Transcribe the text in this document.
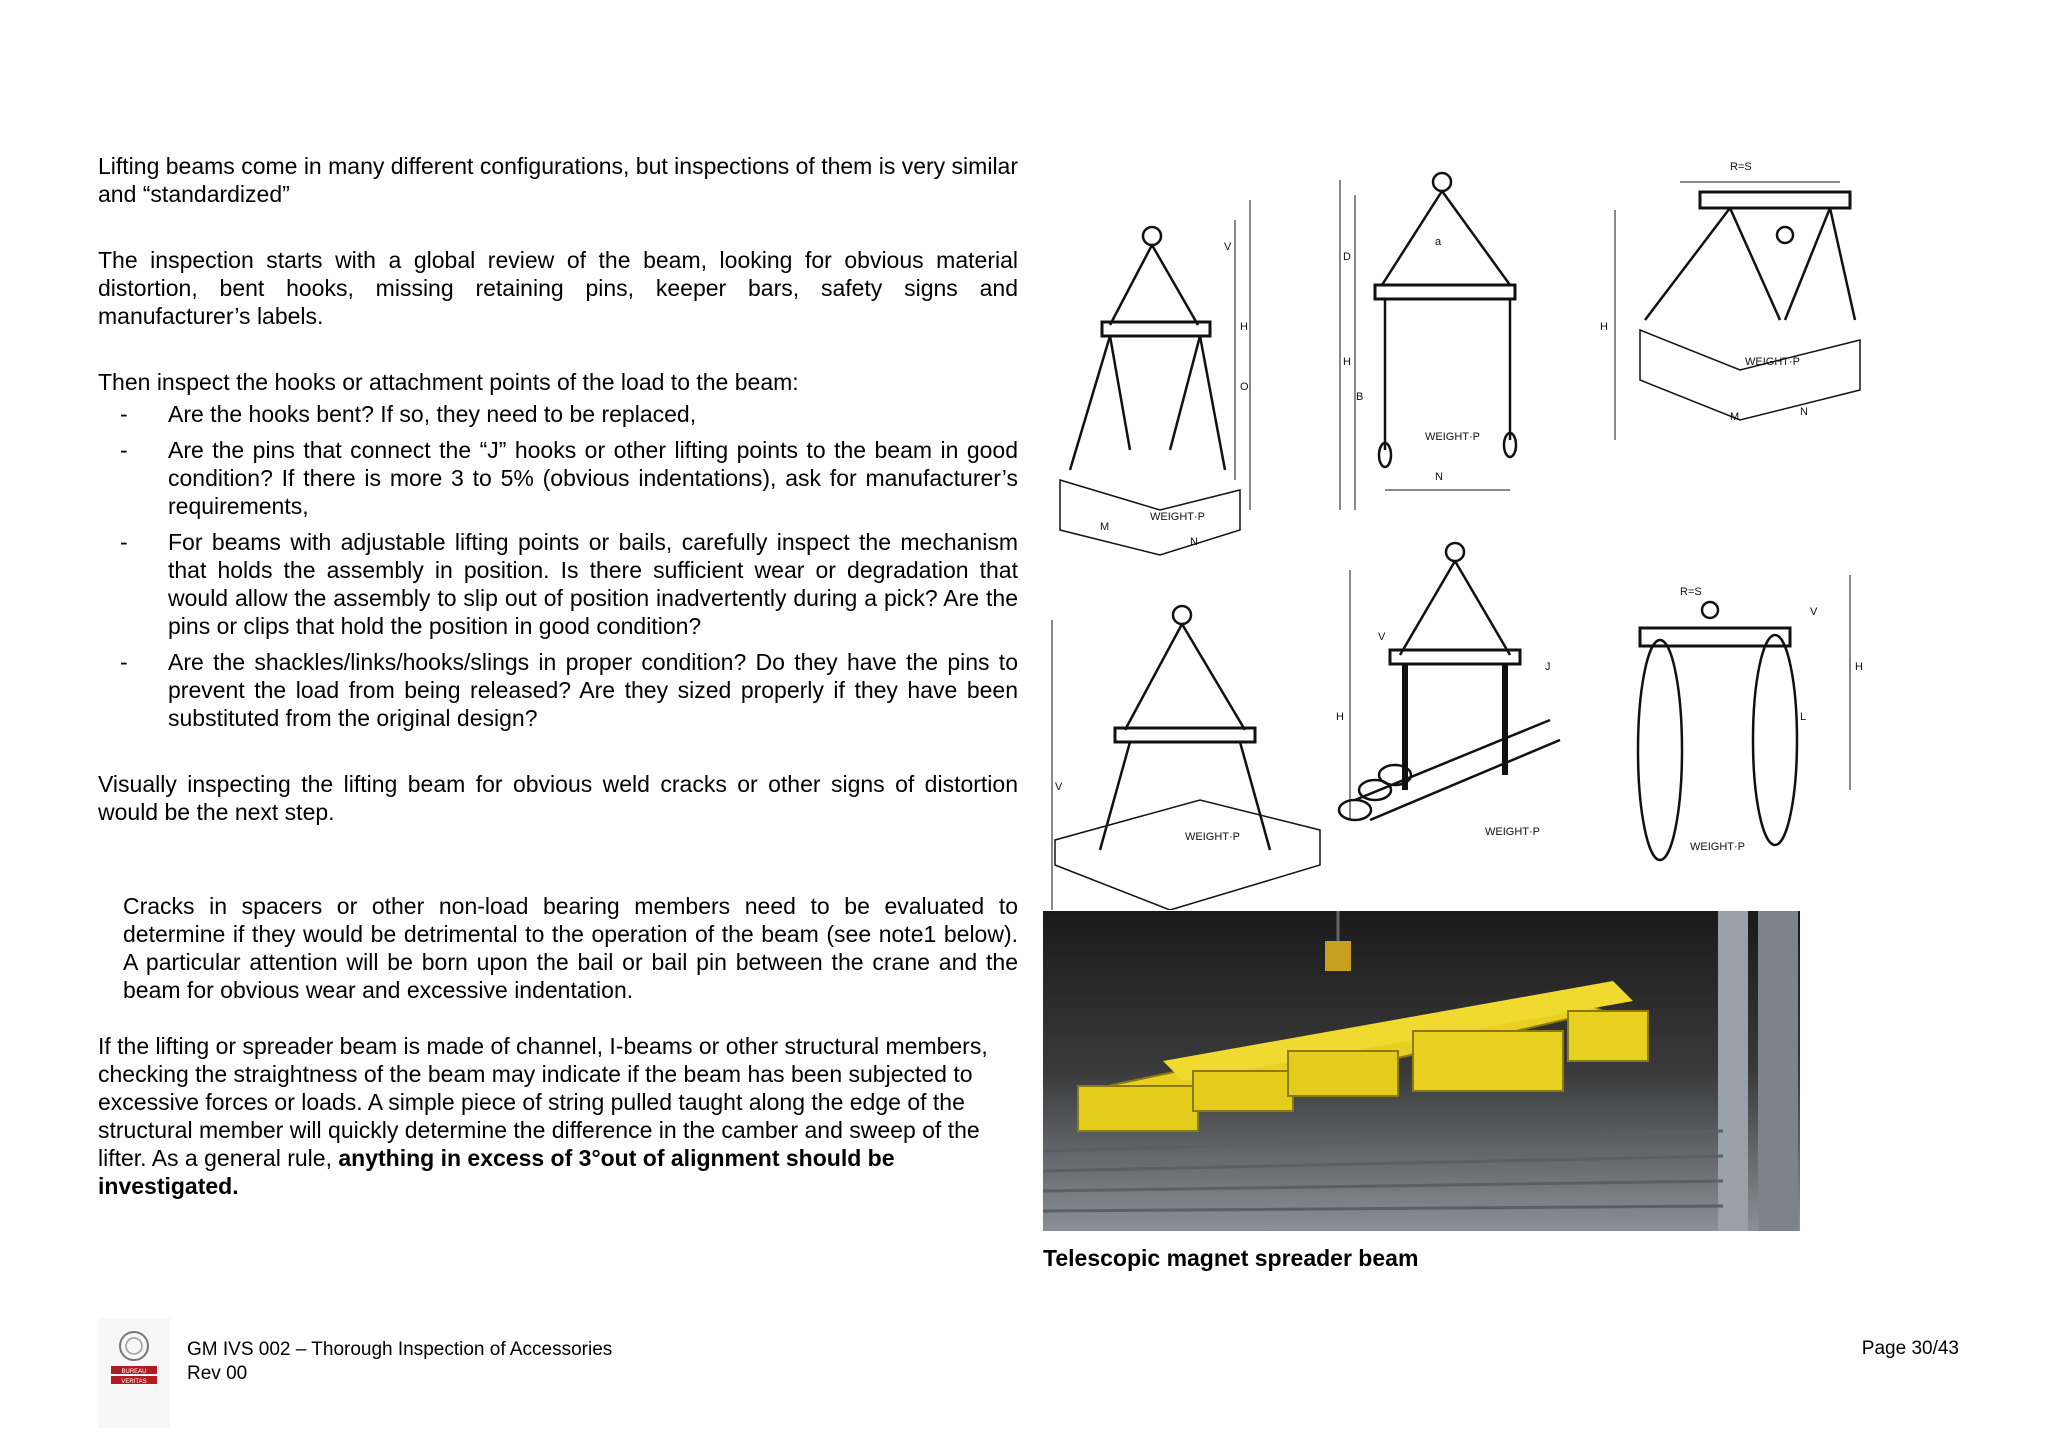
Lifting beams come in many different configurations, but inspections of them is very similar and “standardized”

The inspection starts with a global review of the beam, looking for obvious material distortion, bent hooks, missing retaining pins, keeper bars, safety signs and manufacturer’s labels.

Then inspect the hooks or attachment points of the load to the beam:

- Are the hooks bent? If so, they need to be replaced,
- Are the pins that connect the “J” hooks or other lifting points to the beam in good condition? If there is more 3 to 5% (obvious indentations), ask for manufacturer’s requirements,
- For beams with adjustable lifting points or bails, carefully inspect the mechanism that holds the assembly in position. Is there sufficient wear or degradation that would allow the assembly to slip out of position inadvertently during a pick? Are the pins or clips that hold the position in good condition?
- Are the shackles/links/hooks/slings in proper condition? Do they have the pins to prevent the load from being released? Are they sized properly if they have been substituted from the original design?

Visually inspecting the lifting beam for obvious weld cracks or other signs of distortion would be the next step.

Cracks in spacers or other non-load bearing members need to be evaluated to determine if they would be detrimental to the operation of the beam (see note1 below). A particular attention will be born upon the bail or bail pin between the crane and the beam for obvious wear and excessive indentation.

If the lifting or spreader beam is made of channel, I-beams or other structural members, checking the straightness of the beam may indicate if the beam has been subjected to excessive forces or loads. A simple piece of string pulled taught along the edge of the structural member will quickly determine the difference in the camber and sweep of the lifter. As a general rule, anything in excess of 3°out of alignment should be investigated.

WEIGHT·P
N
M
H
O
V
WEIGHT·P
N
D
H
B
a
R=S
WEIGHT·P
H
M	N
WEIGHT·P
V
WEIGHT·P
H
V
J
R=S
WEIGHT·P
H
L
V
Telescopic magnet spreader beam
BUREAU
VERITAS
GM IVS 002 – Thorough Inspection of Accessories
Rev 00
Page 30/43
